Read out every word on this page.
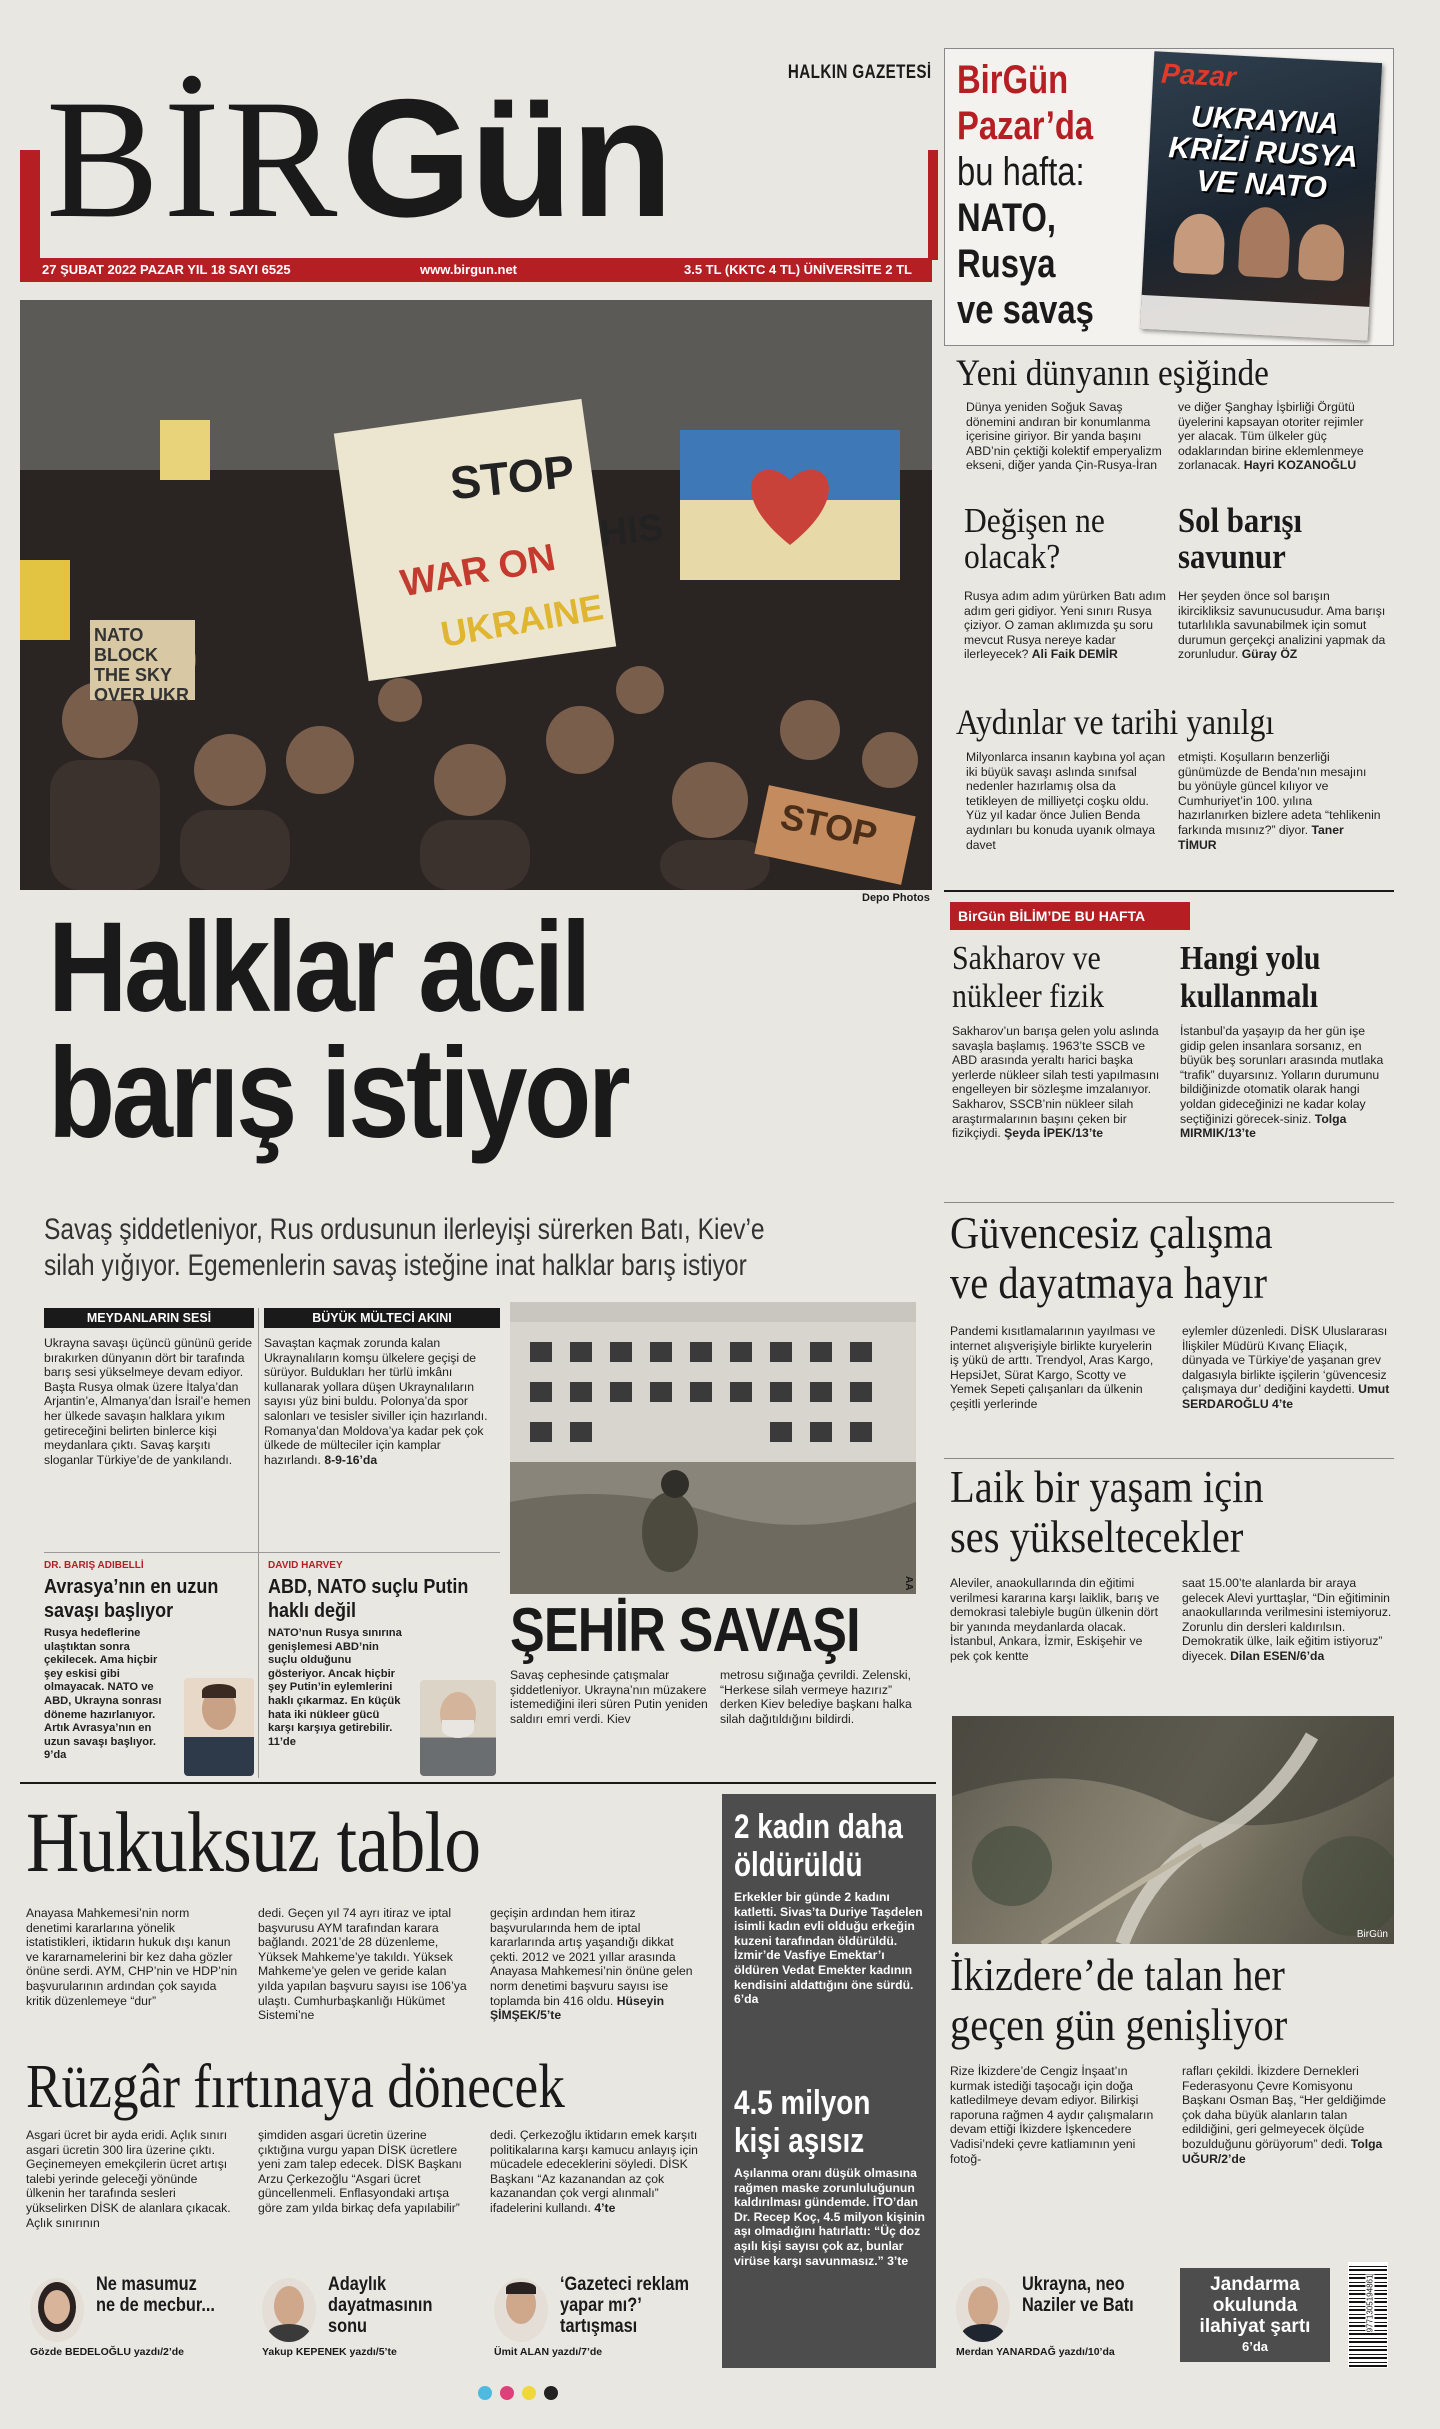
BİRGün	HALKIN GAZETESİ
27 ŞUBAT 2022 PAZAR YIL 18 SAYI 6525	www.birgun.net	3.5 TL (KKTC 4 TL) ÜNİVERSİTE 2 TL
BirGün
Pazar’da
bu hafta:
NATO,
Rusya
ve savaş
Pazar
UKRAYNA KRİZİ RUSYA VE NATO
Yeni dünyanın eşiğinde
Dünya yeniden Soğuk Savaş dönemini andıran bir konumlanma içerisine giriyor. Bir yanda başını ABD’nin çektiği kolektif emperyalizm ekseni, diğer yanda Çin-Rusya-İran
ve diğer Şanghay İşbirliği Örgütü üyelerini kapsayan otoriter rejimler yer alacak. Tüm ülkeler güç odaklarından birine eklemlenmeye zorlanacak. Hayri KOZANOĞLU
Değişen ne olacak?
Rusya adım adım yürürken Batı adım adım geri gidiyor. Yeni sınırı Rusya çiziyor. O zaman aklımızda şu soru mevcut Rusya nereye kadar ilerleyecek? Ali Faik DEMİR
Sol barışı savunur
Her şeyden önce sol barışın ikircikliksiz savunucusudur. Ama barışı tutarlılıkla savunabilmek için somut durumun gerçekçi analizini yapmak da zorunludur. Güray ÖZ
Aydınlar ve tarihi yanılgı
Milyonlarca insanın kaybına yol açan iki büyük savaşı aslında sınıfsal nedenler hazırlamış olsa da tetikleyen de milliyetçi coşku oldu. Yüz yıl kadar önce Julien Benda aydınları bu konuda uyanık olmaya davet
etmişti. Koşulların benzerliği günümüzde de Benda’nın mesajını bu yönüyle güncel kılıyor ve Cumhuriyet’in 100. yılına hazırlanırken bizlere adeta “tehlikenin farkında mısınız?” diyor. Taner TİMUR
BirGün BİLİM’DE BU HAFTA
Sakharov ve nükleer fizik
Sakharov’un barışa gelen yolu aslında savaşla başlamış. 1963’te SSCB ve ABD arasında yeraltı harici başka yerlerde nükleer silah testi yapılmasını engelleyen bir sözleşme imzalanıyor. Sakharov, SSCB’nin nükleer silah araştırmalarının başını çeken bir fizikçiydi. Şeyda İPEK/13’te
Hangi yolu kullanmalı
İstanbul’da yaşayıp da her gün işe gidip gelen insanlara sorsanız, en büyük beş sorunları arasında mutlaka “trafik” duyarsınız. Yolların durumunu bildiğinizde otomatik olarak hangi yoldan gideceğinizi ne kadar kolay seçtiğinizi görecek-siniz. Tolga MIRMIK/13’te
Güvencesiz çalışma
ve dayatmaya hayır
Pandemi kısıtlamalarının yayılması ve internet alışverişiyle birlikte kuryelerin iş yükü de arttı. Trendyol, Aras Kargo, HepsiJet, Sürat Kargo, Scotty ve Yemek Sepeti çalışanları da ülkenin çeşitli yerlerinde
eylemler düzenledi. DİSK Uluslararası İlişkiler Müdürü Kıvanç Eliaçık, dünyada ve Türkiye’de yaşanan grev dalgasıyla birlikte işçilerin ‘güvencesiz çalışmaya dur’ dediğini kaydetti. Umut SERDAROĞLU 4’te
Laik bir yaşam için
ses yükseltecekler
Aleviler, anaokullarında din eğitimi verilmesi kararına karşı laiklik, barış ve demokrasi talebiyle bugün ülkenin dört bir yanında meydanlarda olacak. İstanbul, Ankara, İzmir, Eskişehir ve pek çok kentte
saat 15.00’te alanlarda bir araya gelecek Alevi yurttaşlar, “Din eğitiminin anaokullarında verilmesini istemiyoruz. Zorunlu din dersleri kaldırılsın. Demokratik ülke, laik eğitim istiyoruz” diyecek. Dilan ESEN/6’da
BirGün
İkizdere’de talan her
geçen gün genişliyor
Rize İkizdere’de Cengiz İnşaat’ın kurmak istediği taşocağı için doğa katledilmeye devam ediyor. Bilirkişi raporuna rağmen 4 aydır çalışmaların devam ettiği İkizdere İşkencedere Vadisi’ndeki çevre katliamının yeni fotoğ-
rafları çekildi. İkizdere Dernekleri Federasyonu Çevre Komisyonu Başkanı Osman Baş, “Her geldiğimde çok daha büyük alanların talan edildiğini, geri gelmeyecek ölçüde bozulduğunu görüyorum” dedi. Tolga UĞUR/2’de
STOP
HIS
WAR ON
UKRAINE
NATO BLOCK THE SKY OVER UKR
STOP
Depo Photos
Halklar acil
barış istiyor
Savaş şiddetleniyor, Rus ordusunun ilerleyişi sürerken Batı, Kiev’e
silah yığıyor. Egemenlerin savaş isteğine inat halklar barış istiyor
MEYDANLARIN SESİ
Ukrayna savaşı üçüncü gününü geride bırakırken dünyanın dört bir tarafında barış sesi yükselmeye devam ediyor. Başta Rusya olmak üzere İtalya’dan Arjantin’e, Almanya’dan İsrail’e hemen her ülkede savaşın halklara yıkım getireceğini belirten binlerce kişi meydanlara çıktı. Savaş karşıtı sloganlar Türkiye’de de yankılandı.
BÜYÜK MÜLTECİ AKINI
Savaştan kaçmak zorunda kalan Ukraynalıların komşu ülkelere geçişi de sürüyor. Buldukları her türlü imkânı kullanarak yollara düşen Ukraynalıların sayısı yüz bini buldu. Polonya’da spor salonları ve tesisler siviller için hazırlandı. Romanya’dan Moldova’ya kadar pek çok ülkede de mülteciler için kamplar hazırlandı. 8-9-16’da
DR. BARIŞ ADIBELLİ
Avrasya’nın en uzun savaşı başlıyor
Rusya hedeflerine ulaştıktan sonra çekilecek. Ama hiçbir şey eskisi gibi olmayacak. NATO ve ABD, Ukrayna sonrası döneme hazırlanıyor. Artık Avrasya’nın en uzun savaşı başlıyor. 9’da
DAVID HARVEY
ABD, NATO suçlu Putin haklı değil
NATO’nun Rusya sınırına genişlemesi ABD’nin suçlu olduğunu gösteriyor. Ancak hiçbir şey Putin’in eylemlerini haklı çıkarmaz. En küçük hata iki nükleer gücü karşı karşıya getirebilir. 11’de
AA
ŞEHİR SAVAŞI
Savaş cephesinde çatışmalar şiddetleniyor. Ukrayna’nın müzakere istemediğini ileri süren Putin yeniden saldırı emri verdi. Kiev
metrosu sığınağa çevrildi. Zelenski, “Herkese silah vermeye hazırız” derken Kiev belediye başkanı halka silah dağıtıldığını bildirdi.
Hukuksuz tablo
Anayasa Mahkemesi’nin norm denetimi kararlarına yönelik istatistikleri, iktidarın hukuk dışı kanun ve kararnamelerini bir kez daha gözler önüne serdi. AYM, CHP’nin ve HDP’nin başvurularının ardından çok sayıda kritik düzenlemeye “dur”
dedi. Geçen yıl 74 ayrı itiraz ve iptal başvurusu AYM tarafından karara bağlandı. 2021’de 28 düzenleme, Yüksek Mahkeme’ye takıldı. Yüksek Mahkeme’ye gelen ve geride kalan yılda yapılan başvuru sayısı ise 106’ya ulaştı. Cumhurbaşkanlığı Hükümet Sistemi’ne
geçişin ardından hem itiraz başvurularında hem de iptal kararlarında artış yaşandığı dikkat çekti. 2012 ve 2021 yıllar arasında Anayasa Mahkemesi’nin önüne gelen norm denetimi başvuru sayısı ise toplamda bin 416 oldu. Hüseyin ŞİMŞEK/5’te
Rüzgâr fırtınaya dönecek
Asgari ücret bir ayda eridi. Açlık sınırı asgari ücretin 300 lira üzerine çıktı. Geçinemeyen emekçilerin ücret artışı talebi yerinde geleceği yönünde ülkenin her tarafında sesleri yükselirken DİSK de alanlara çıkacak. Açlık sınırının
şimdiden asgari ücretin üzerine çıktığına vurgu yapan DİSK ücretlere yeni zam talep edecek. DİSK Başkanı Arzu Çerkezoğlu “Asgari ücret güncellenmeli. Enflasyondaki artışa göre zam yılda birkaç defa yapılabilir”
dedi. Çerkezoğlu iktidarın emek karşıtı politikalarına karşı kamucu anlayış için mücadele edeceklerini söyledi. DİSK Başkanı “Az kazanandan az çok kazanandan çok vergi alınmalı” ifadelerini kullandı. 4’te
2 kadın daha öldürüldü
Erkekler bir günde 2 kadını katletti. Sivas’ta Duriye Taşdelen isimli kadın evli olduğu erkeğin kuzeni tarafından öldürüldü. İzmir’de Vasfiye Emektar’ı öldüren Vedat Emekter kadının kendisini aldattığını öne sürdü. 6’da
4.5 milyon kişi aşısız
Aşılanma oranı düşük olmasına rağmen maske zorunluluğunun kaldırılması gündemde. İTO’dan Dr. Recep Koç, 4.5 milyon kişinin aşı olmadığını hatırlattı: “Üç doz aşılı kişi sayısı çok az, bunlar virüse karşı savunmasız.” 3’te
Ne masumuz ne de mecbur...
Gözde BEDELOĞLU yazdı/2’de
Adaylık dayatmasının sonu
Yakup KEPENEK yazdı/5’te
‘Gazeteci reklam yapar mı?’ tartışması
Ümit ALAN yazdı/7’de
Ukrayna, neo Naziler ve Batı
Merdan YANARDAĞ yazdı/10’da
Jandarma okulunda ilahiyat şartı
6’da
9771305194861
